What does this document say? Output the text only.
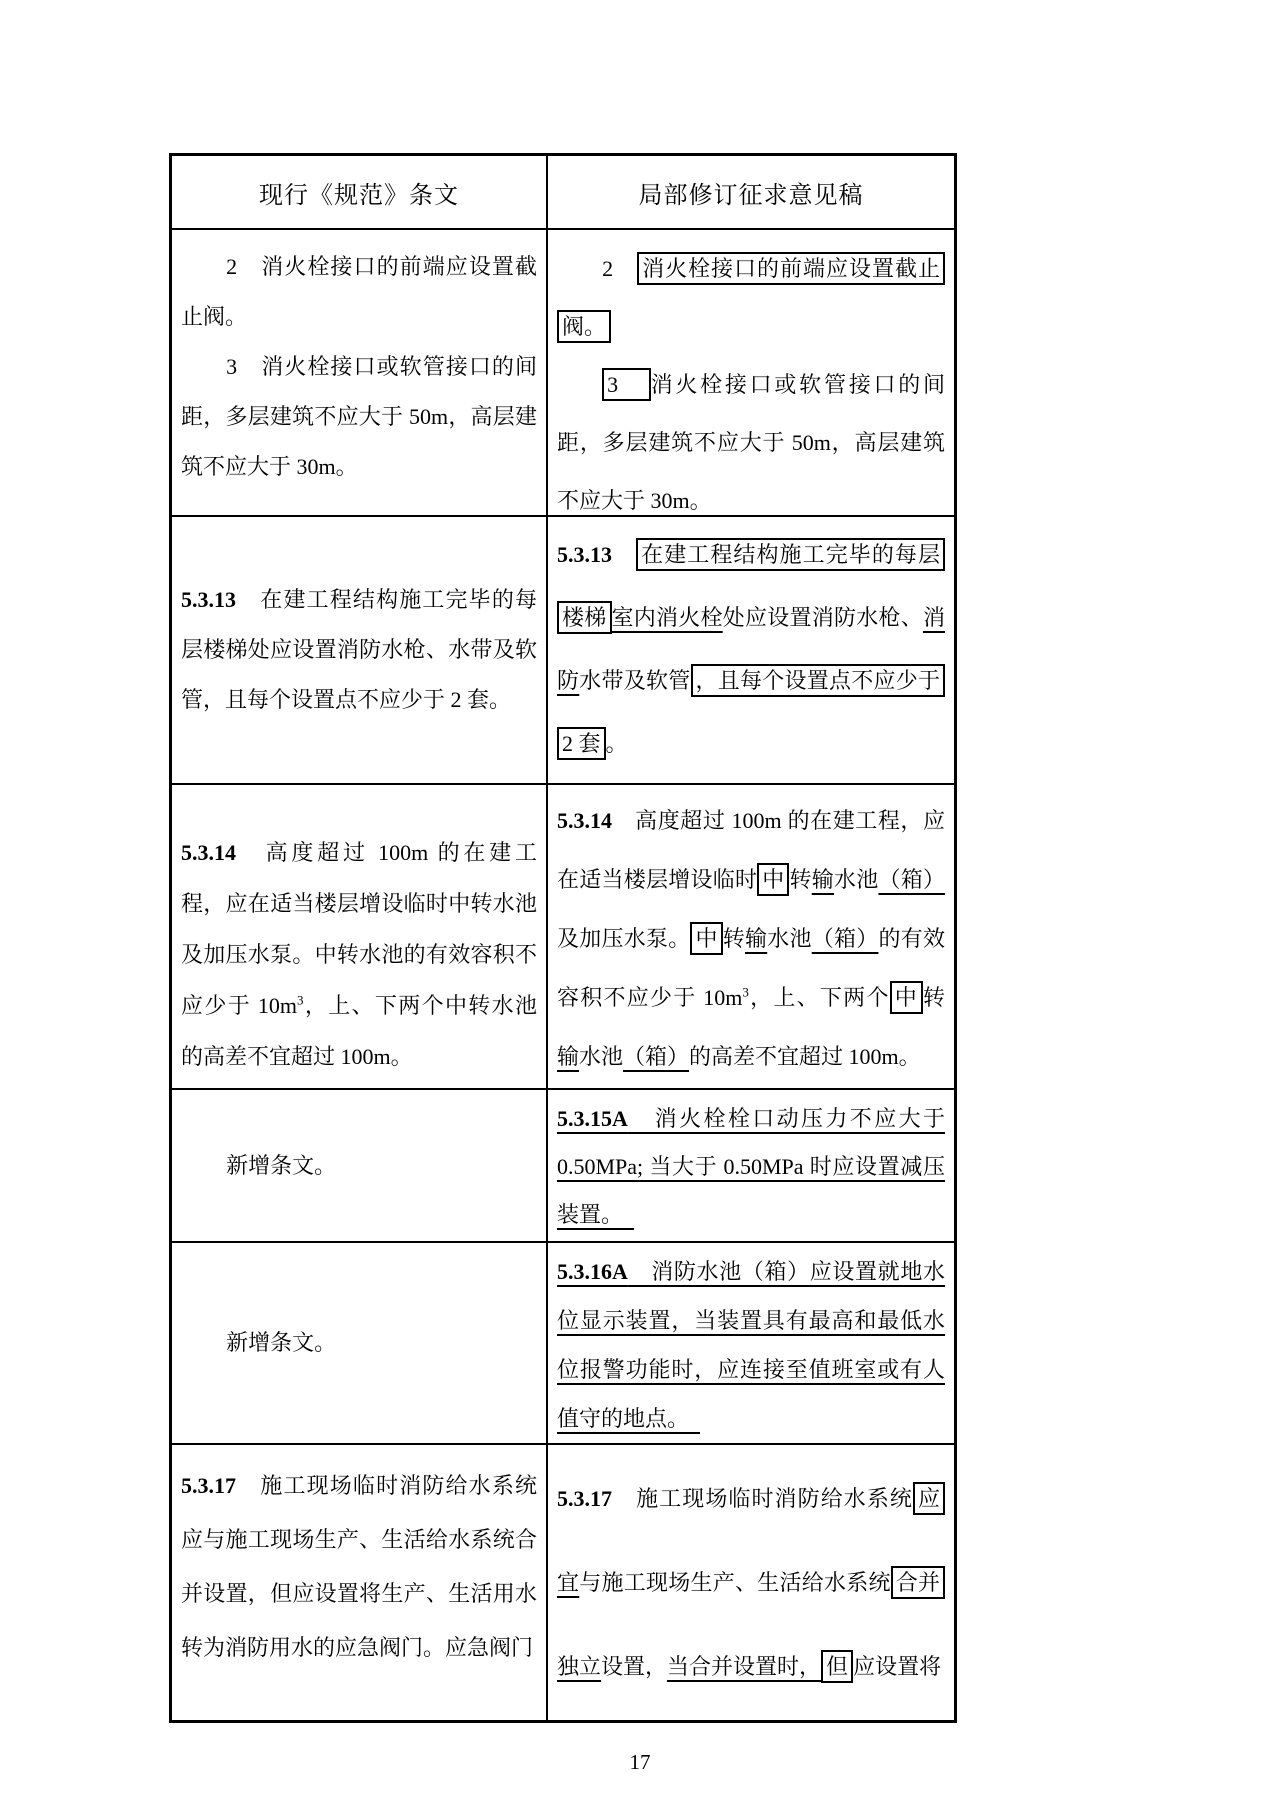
现行《规范》条文	局部修订征求意见稿

2　消火栓接口的前端应设置截止阀。

3　消火栓接口或软管接口的间距，多层建筑不应大于 50m，高层建筑不应大于 30m。

2　消火栓接口的前端应设置截止阀。

3　消火栓接口或软管接口的间距，多层建筑不应大于 50m，高层建筑不应大于 30m。

5.3.13　在建工程结构施工完毕的每层楼梯处应设置消防水枪、水带及软管，且每个设置点不应少于 2 套。

5.3.13　 在建工程结构施工完毕的每层楼梯 室内消火栓处应设置消防水枪、消防水带及软管 ，且每个设置点不应少于 2 套 。

5.3.14　高度超过 100m 的在建工程，应在适当楼层增设临时中转水池及加压水泵。中转水池的有效容积不应少于 $10m^3$，上、下两个中转水池的高差不宜超过 100m。

5.3.14　高度超过 100m 的在建工程，应在适当楼层增设临时 中 转输水池（箱）及加压水泵。 中 转输水池（箱）的有效容积不应少于 $10m^3$，上、下两个 中 转输水池（箱）的高差不宜超过 100m。

新增条文。

5.3.15A　消火栓栓口动压力不应大于 0.50MPa; 当大于 0.50MPa 时应设置减压装置。　

新增条文。

5.3.16A　消防水池（箱）应设置就地水位显示装置，当装置具有最高和最低水位报警功能时，应连接至值班室或有人值守的地点。　

5.3.17　施工现场临时消防给水系统应与施工现场生产、生活给水系统合并设置，但应设置将生产、生活用水转为消防用水的应急阀门。应急阀门

5.3.17　施工现场临时消防给水系统 应宜与施工现场生产、生活给水系统 合并独立设置，当合并设置时， 但 应设置将

17
